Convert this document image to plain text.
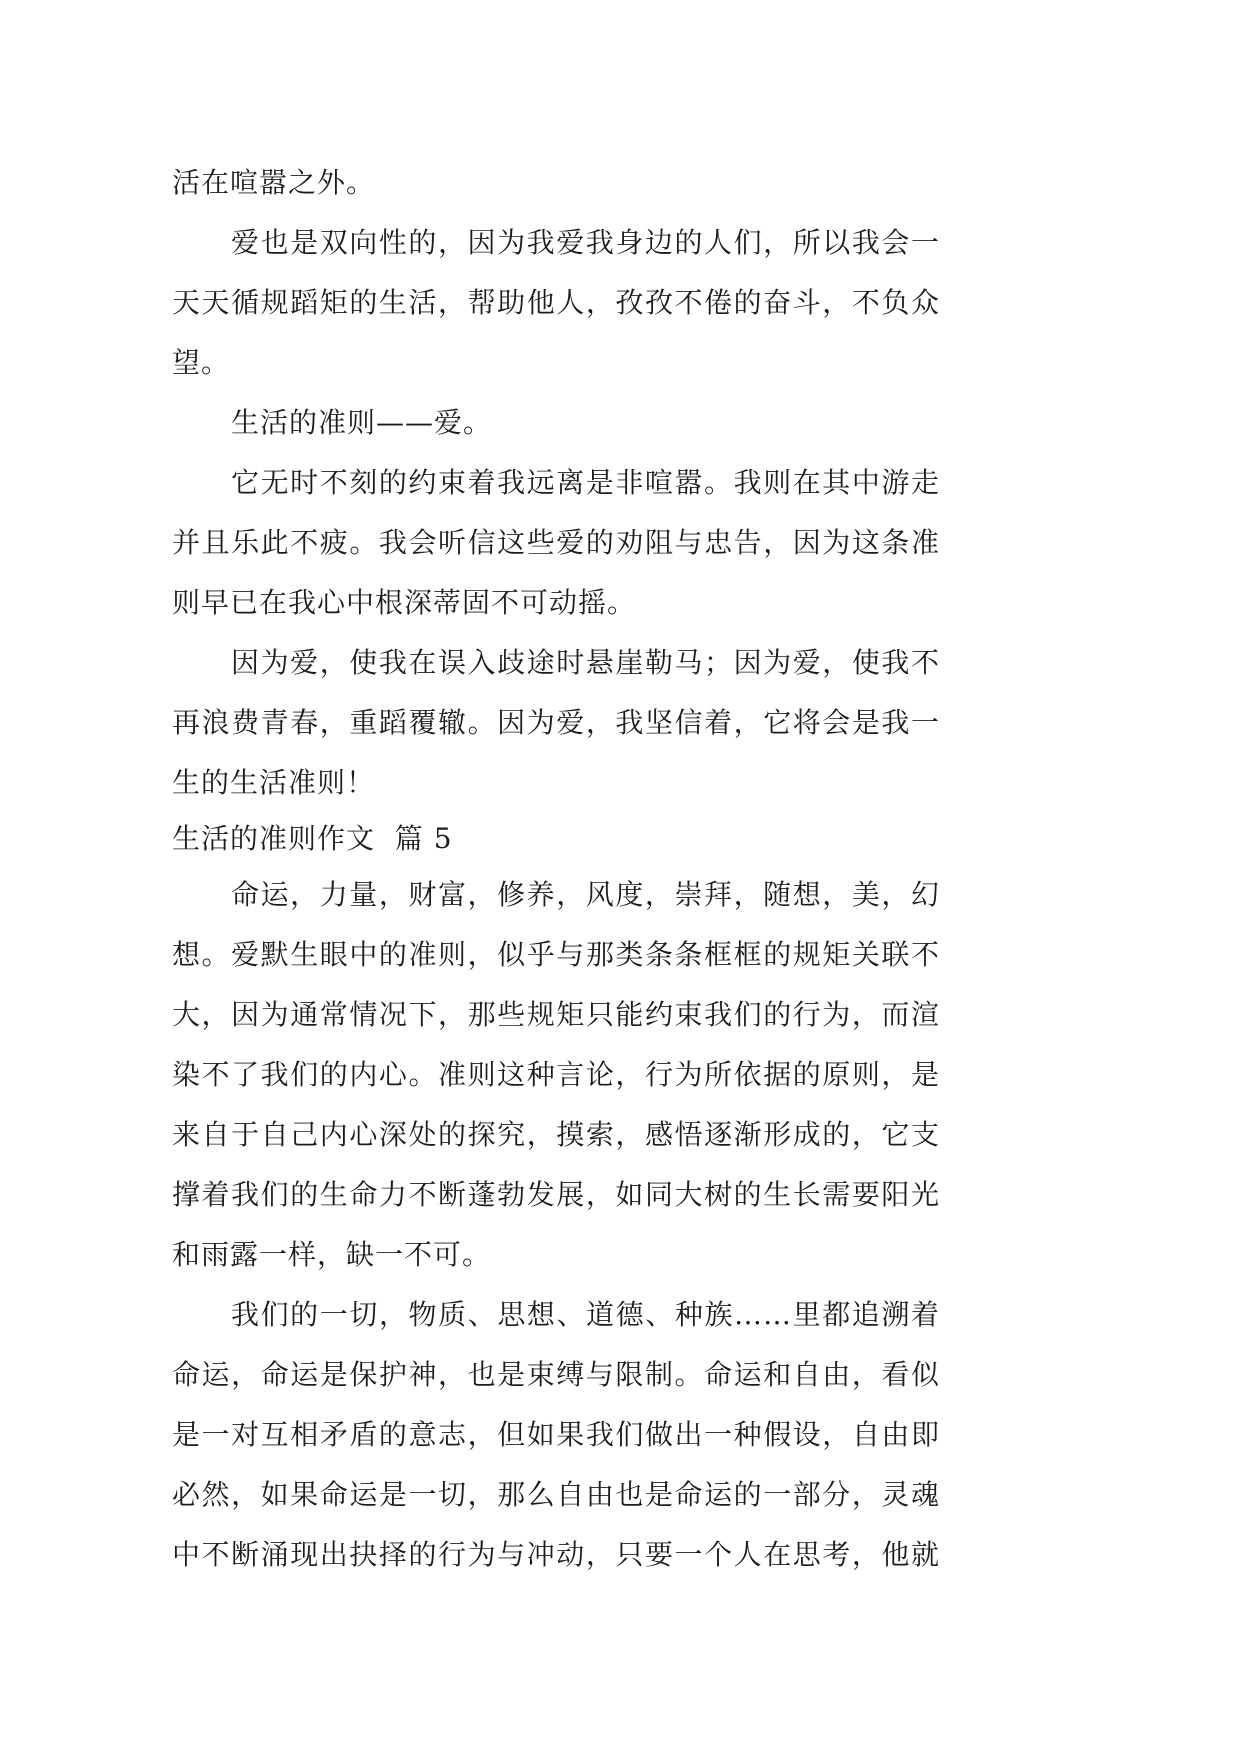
活在喧嚣之外。
爱也是双向性的，因为我爱我身边的人们，所以我会一
天天循规蹈矩的生活，帮助他人，孜孜不倦的奋斗，不负众
望。
生活的准则——爱。
它无时不刻的约束着我远离是非喧嚣。我则在其中游走
并且乐此不疲。我会听信这些爱的劝阻与忠告，因为这条准
则早已在我心中根深蒂固不可动摇。
因为爱，使我在误入歧途时悬崖勒马；因为爱，使我不
再浪费青春，重蹈覆辙。因为爱，我坚信着，它将会是我一
生的生活准则！
生活的准则作文  篇 5
命运，力量，财富，修养，风度，崇拜，随想，美，幻
想。爱默生眼中的准则，似乎与那类条条框框的规矩关联不
大，因为通常情况下，那些规矩只能约束我们的行为，而渲
染不了我们的内心。准则这种言论，行为所依据的原则，是
来自于自己内心深处的探究，摸索，感悟逐渐形成的，它支
撑着我们的生命力不断蓬勃发展，如同大树的生长需要阳光
和雨露一样，缺一不可。
我们的一切，物质、思想、道德、种族……里都追溯着
命运，命运是保护神，也是束缚与限制。命运和自由，看似
是一对互相矛盾的意志，但如果我们做出一种假设，自由即
必然，如果命运是一切，那么自由也是命运的一部分，灵魂
中不断涌现出抉择的行为与冲动，只要一个人在思考，他就
